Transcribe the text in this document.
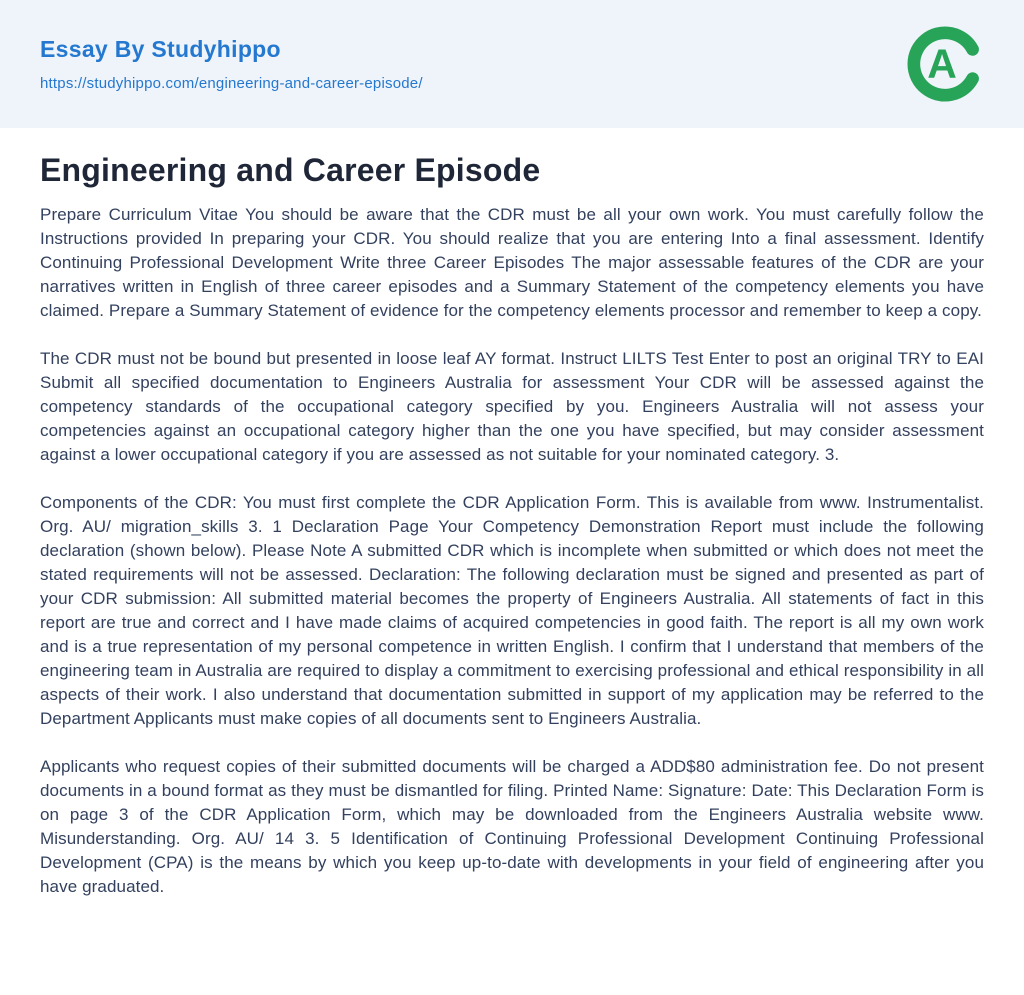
Essay By Studyhippo
https://studyhippo.com/engineering-and-career-episode/	A
Engineering and Career Episode

Prepare Curriculum Vitae You should be aware that the CDR must be all your own work. You must carefully follow the Instructions provided In preparing your CDR. You should realize that you are entering Into a final assessment. Identify Continuing Professional Development Write three Career Episodes The major assessable features of the CDR are your narratives written in English of three career episodes and a Summary Statement of the competency elements you have claimed. Prepare a Summary Statement of evidence for the competency elements processor and remember to keep a copy.

The CDR must not be bound but presented in loose leaf AY format. Instruct LILTS Test Enter to post an original TRY to EAI Submit all specified documentation to Engineers Australia for assessment Your CDR will be assessed against the competency standards of the occupational category specified by you. Engineers Australia will not assess your competencies against an occupational category higher than the one you have specified, but may consider assessment against a lower occupational category if you are assessed as not suitable for your nominated category. 3.

Components of the CDR: You must first complete the CDR Application Form. This is available from www. Instrumentalist. Org. AU/ migration_skills 3. 1 Declaration Page Your Competency Demonstration Report must include the following declaration (shown below). Please Note A submitted CDR which is incomplete when submitted or which does not meet the stated requirements will not be assessed. Declaration: The following declaration must be signed and presented as part of your CDR submission: All submitted material becomes the property of Engineers Australia. All statements of fact in this report are true and correct and I have made claims of acquired competencies in good faith. The report is all my own work and is a true representation of my personal competence in written English. I confirm that I understand that members of the engineering team in Australia are required to display a commitment to exercising professional and ethical responsibility in all aspects of their work. I also understand that documentation submitted in support of my application may be referred to the Department Applicants must make copies of all documents sent to Engineers Australia.

Applicants who request copies of their submitted documents will be charged a ADD$80 administration fee. Do not present documents in a bound format as they must be dismantled for filing. Printed Name: Signature: Date: This Declaration Form is on page 3 of the CDR Application Form, which may be downloaded from the Engineers Australia website www. Misunderstanding. Org. AU/ 14 3. 5 Identification of Continuing Professional Development Continuing Professional Development (CPA) is the means by which you keep up-to-date with developments in your field of engineering after you have graduated.
